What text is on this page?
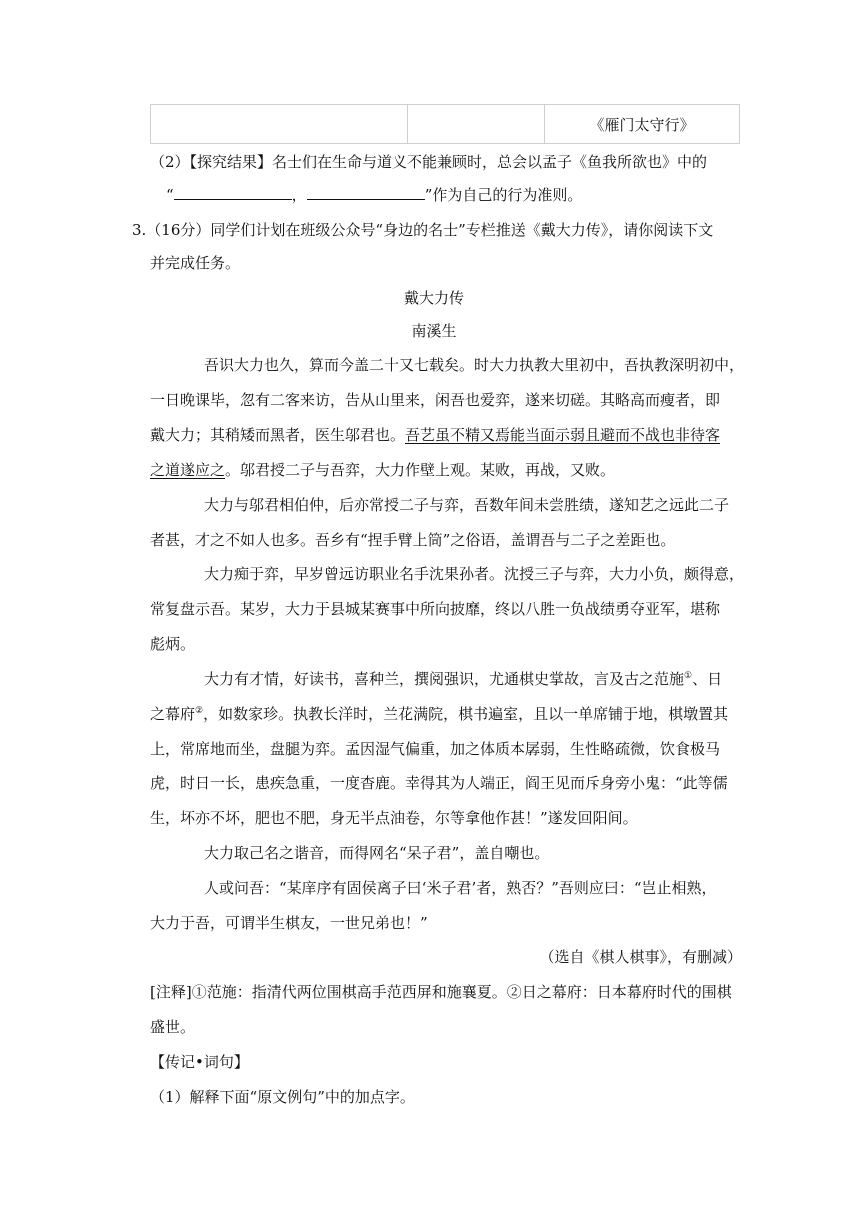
《雁门太守行》
（2）【探究结果】名士们在生命与道义不能兼顾时，总会以孟子《鱼我所欲也》中的
“	，	”作为自己的行为准则。
3.（16分）同学们计划在班级公众号“身边的名士”专栏推送《戴大力传》，请你阅读下文
并完成任务。
戴大力传
南溪生
吾识大力也久，算而今盖二十又七载矣。时大力执教大里初中，吾执教深明初中，
一日晚课毕，忽有二客来访，告从山里来，闲吾也爱弈，遂来切磋。其略高而瘦者，即
戴大力；其稍矮而黑者，医生邬君也。吾艺虽不精又焉能当面示弱且避而不战也非待客
之道遂应之。邬君授二子与吾弈，大力作壁上观。某败，再战，又败。
大力与邬君相伯仲，后亦常授二子与弈，吾数年间未尝胜绩，遂知艺之远此二子
者甚，才之不如人也多。吾乡有“捏手臂上筒”之俗语，盖谓吾与二子之差距也。
大力痴于弈，早岁曾远访职业名手沈果孙者。沈授三子与弈，大力小负，颇得意，
常复盘示吾。某岁，大力于县城某赛事中所向披靡，终以八胜一负战绩勇夺亚军，堪称
彪炳。
大力有才情，好读书，喜种兰，撰阅强识，尤通棋史掌故，言及古之范施①、日
之幕府②，如数家珍。执教长洋时，兰花满院，棋书遍室，且以一单席铺于地，棋墩置其
上，常席地而坐，盘腿为弈。孟因湿气偏重，加之体质本孱弱，生性略疏微，饮食极马
虎，时日一长，患疾急重，一度杳鹿。幸得其为人端正，阎王见而斥身旁小鬼：“此等儒
生，坏亦不坏，肥也不肥，身无半点油卷，尔等拿他作甚！”遂发回阳间。
大力取己名之谐音，而得网名“呆子君”，盖自嘲也。
人或问吾：“某庠序有固侯离子曰‘米子君’者，熟否？”吾则应曰：“岂止相熟，
大力于吾，可谓半生棋友，一世兄弟也！”
（选自《棋人棋事》，有删减）
[注释]①范施：指清代两位围棋高手范西屏和施襄夏。②日之幕府：日本幕府时代的围棋
盛世。
【传记•词句】
（1）解释下面“原文例句”中的加点字。
